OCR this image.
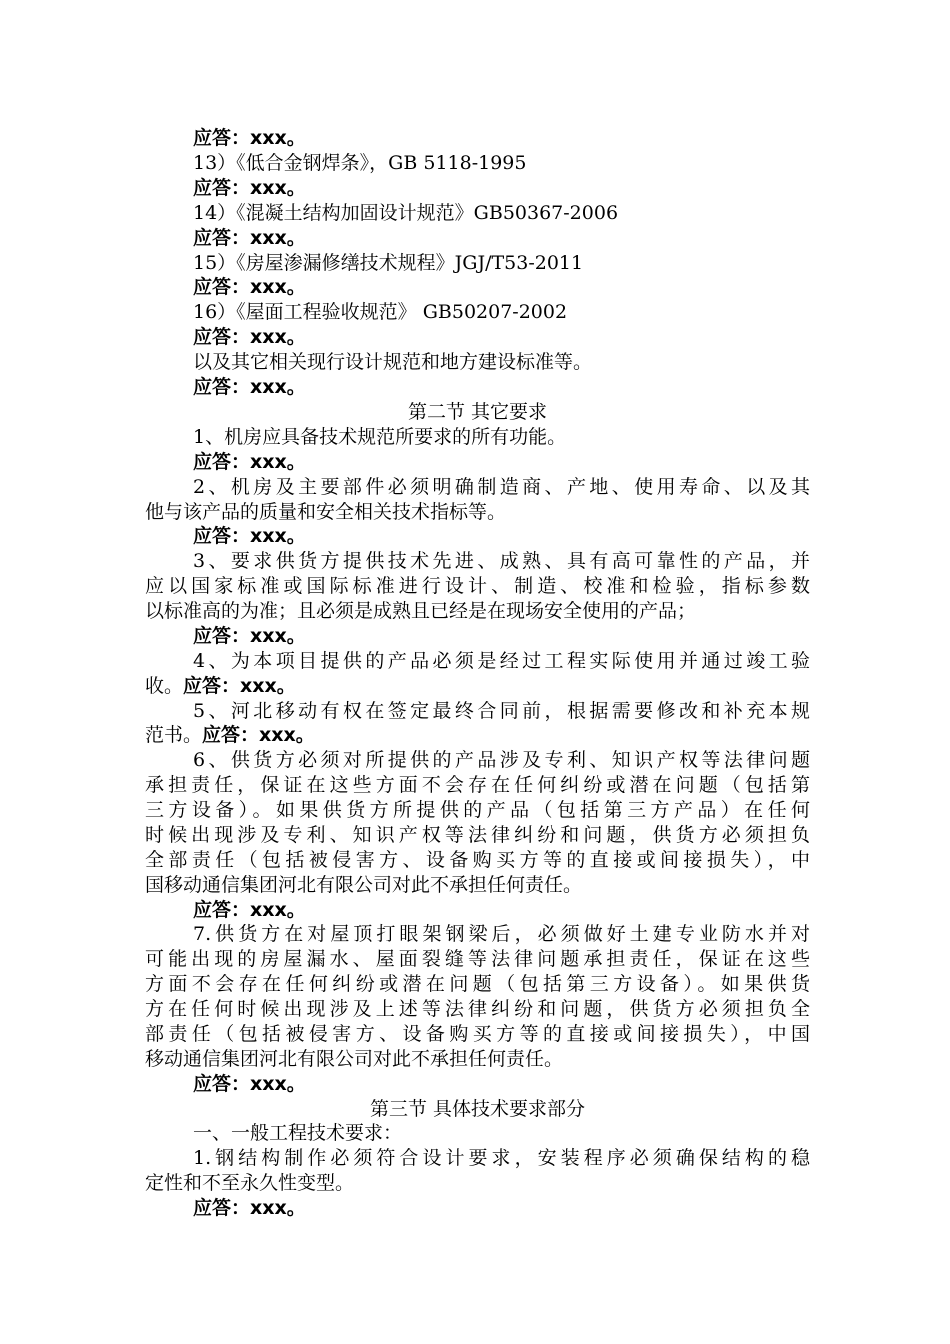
应答：xxx。
13）《低合金钢焊条》，GB 5118-1995
应答：xxx。
14）《混凝土结构加固设计规范》GB50367-2006
应答：xxx。
15）《房屋渗漏修缮技术规程》JGJ/T53-2011
应答：xxx。
16）《屋面工程验收规范》 GB50207-2002
应答：xxx。
以及其它相关现行设计规范和地方建设标准等。
应答：xxx。
第二节 其它要求
1、机房应具备技术规范所要求的所有功能。
应答：xxx。
2、机房及主要部件必须明确制造商、产地、使用寿命、以及其
他与该产品的质量和安全相关技术指标等。
应答：xxx。
3、要求供货方提供技术先进、成熟、具有高可靠性的产品，并
应以国家标准或国际标准进行设计、制造、校准和检验，指标参数
以标准高的为准；且必须是成熟且已经是在现场安全使用的产品；
应答：xxx。
4、为本项目提供的产品必须是经过工程实际使用并通过竣工验
收。应答：xxx。
5、河北移动有权在签定最终合同前，根据需要修改和补充本规
范书。应答：xxx。
6、供货方必须对所提供的产品涉及专利、知识产权等法律问题
承担责任，保证在这些方面不会存在任何纠纷或潜在问题（包括第
三方设备）。如果供货方所提供的产品（包括第三方产品）在任何
时候出现涉及专利、知识产权等法律纠纷和问题，供货方必须担负
全部责任（包括被侵害方、设备购买方等的直接或间接损失），中
国移动通信集团河北有限公司对此不承担任何责任。
应答：xxx。
7.供货方在对屋顶打眼架钢梁后，必须做好土建专业防水并对
可能出现的房屋漏水、屋面裂缝等法律问题承担责任，保证在这些
方面不会存在任何纠纷或潜在问题（包括第三方设备）。如果供货
方在任何时候出现涉及上述等法律纠纷和问题，供货方必须担负全
部责任（包括被侵害方、设备购买方等的直接或间接损失），中国
移动通信集团河北有限公司对此不承担任何责任。
应答：xxx。
第三节 具体技术要求部分
一、一般工程技术要求：
1.钢结构制作必须符合设计要求，安装程序必须确保结构的稳
定性和不至永久性变型。
应答：xxx。
